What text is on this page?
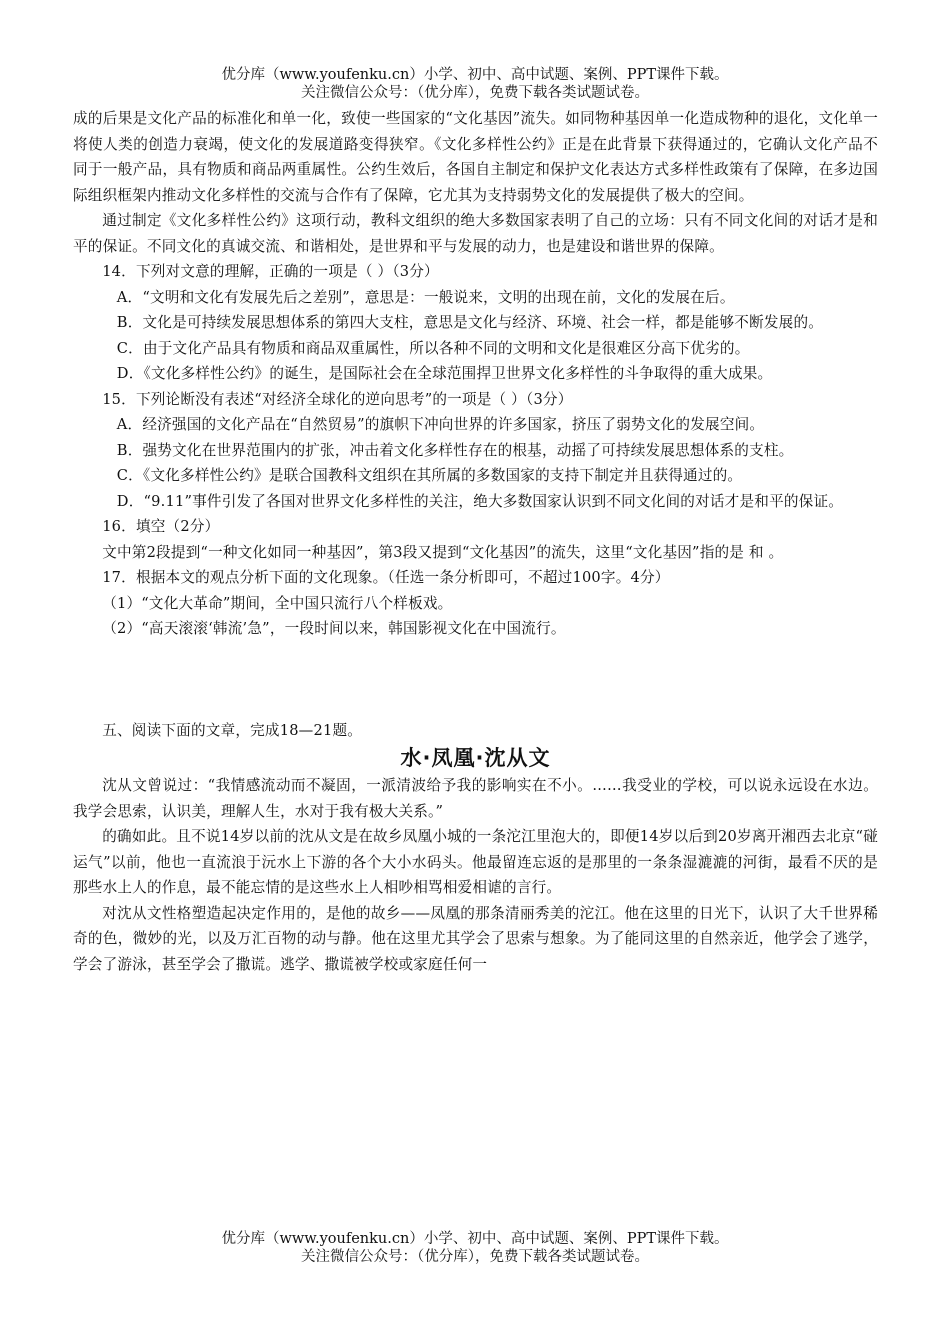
优分库（www.youfenku.cn）小学、初中、高中试题、案例、PPT课件下载。
关注微信公众号：（优分库），免费下载各类试题试卷。

成的后果是文化产品的标准化和单一化，致使一些国家的“文化基因”流失。如同物种基因单一化造成物种的退化，文化单一将使人类的创造力衰竭，使文化的发展道路变得狭窄。《文化多样性公约》正是在此背景下获得通过的，它确认文化产品不同于一般产品，具有物质和商品两重属性。公约生效后，各国自主制定和保护文化表达方式多样性政策有了保障，在多边国际组织框架内推动文化多样性的交流与合作有了保障，它尤其为支持弱势文化的发展提供了极大的空间。

通过制定《文化多样性公约》这项行动，教科文组织的绝大多数国家表明了自己的立场：只有不同文化间的对话才是和平的保证。不同文化的真诚交流、和谐相处，是世界和平与发展的动力，也是建设和谐世界的保障。

14．下列对文意的理解，正确的一项是（ ）（3分）

A．“文明和文化有发展先后之差别”，意思是：一般说来，文明的出现在前，文化的发展在后。

B．文化是可持续发展思想体系的第四大支柱，意思是文化与经济、环境、社会一样，都是能够不断发展的。

C．由于文化产品具有物质和商品双重属性，所以各种不同的文明和文化是很难区分高下优劣的。

D．《文化多样性公约》的诞生，是国际社会在全球范围捍卫世界文化多样性的斗争取得的重大成果。

15．下列论断没有表述“对经济全球化的逆向思考”的一项是（ ）（3分）

A．经济强国的文化产品在“自然贸易”的旗帜下冲向世界的许多国家，挤压了弱势文化的发展空间。

B．强势文化在世界范围内的扩张，冲击着文化多样性存在的根基，动摇了可持续发展思想体系的支柱。

C．《文化多样性公约》是联合国教科文组织在其所属的多数国家的支持下制定并且获得通过的。

D．“9.11”事件引发了各国对世界文化多样性的关注，绝大多数国家认识到不同文化间的对话才是和平的保证。

16．填空（2分）

文中第2段提到“一种文化如同一种基因”，第3段又提到“文化基因”的流失，这里“文化基因”指的是 和 。

17．根据本文的观点分析下面的文化现象。（任选一条分析即可，不超过100字。4分）

（1）“文化大革命”期间，全中国只流行八个样板戏。

（2）“高天滚滚‘韩流’急”，一段时间以来，韩国影视文化在中国流行。

五、阅读下面的文章，完成18—21题。

水·凤凰·沈从文

沈从文曾说过：“我情感流动而不凝固，一派清波给予我的影响实在不小。……我受业的学校，可以说永远设在水边。我学会思索，认识美，理解人生，水对于我有极大关系。”

的确如此。且不说14岁以前的沈从文是在故乡凤凰小城的一条沱江里泡大的，即便14岁以后到20岁离开湘西去北京“碰运气”以前，他也一直流浪于沅水上下游的各个大小水码头。他最留连忘返的是那里的一条条湿漉漉的河街，最看不厌的是那些水上人的作息，最不能忘情的是这些水上人相吵相骂相爱相谑的言行。

对沈从文性格塑造起决定作用的，是他的故乡——凤凰的那条清丽秀美的沱江。他在这里的日光下，认识了大千世界稀奇的色，微妙的光，以及万汇百物的动与静。他在这里尤其学会了思索与想象。为了能同这里的自然亲近，他学会了逃学，学会了游泳，甚至学会了撒谎。逃学、撒谎被学校或家庭任何一

优分库（www.youfenku.cn）小学、初中、高中试题、案例、PPT课件下载。
关注微信公众号：（优分库），免费下载各类试题试卷。
